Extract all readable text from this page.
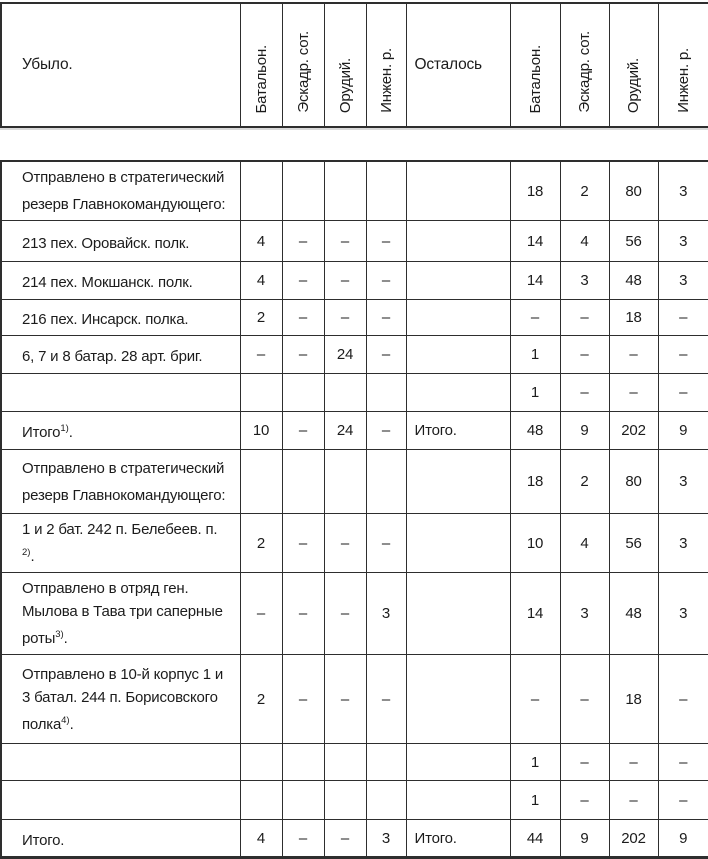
Убыло.	Батальон.	Эскадр. сот.	Орудий.	Инжен. р.	Осталось	Батальон.	Эскадр. сот.	Орудий.	Инжен. р.
Отправлено в стратегический резерв Главнокомандующего:						18	2	80	3
213 пех. Оровайск. полк.	4	–	–	–		14	4	56	3
214 пех. Мокшанск. полк.	4	–	–	–		14	3	48	3
216 пех. Инсарск. полка.	2	–	–	–		–	–	18	–
6, 7 и 8 батар. 28 арт. бриг.	–	–	24	–		1	–	–	–
						1	–	–	–
Итого$^{1)}$.	10	–	24	–	Итого.	48	9	202	9
Отправлено в стратегический резерв Главнокомандующего:						18	2	80	3
1 и 2 бат. 242 п. Белебеев. п. $^{2)}$.	2	–	–	–		10	4	56	3
Отправлено в отряд ген. Мылова в Тава три саперные роты$^{3)}$.	–	–	–	3		14	3	48	3
Отправлено в 10-й корпус 1 и 3 батал. 244 п. Борисовского полка$^{4)}$.	2	–	–	–		–	–	18	–
						1	–	–	–
						1	–	–	–
Итого.	4	–	–	3	Итого.	44	9	202	9
